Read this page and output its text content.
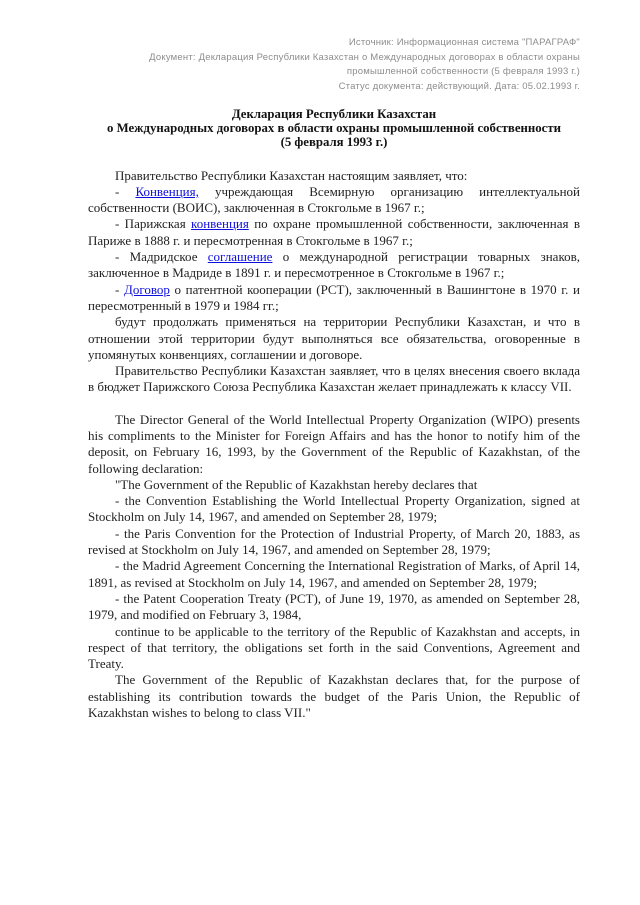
Источник: Информационная система "ПАРАГРАФ"
Документ: Декларация Республики Казахстан о Международных договорах в области охраны промышленной собственности (5 февраля 1993 г.)
Статус документа: действующий. Дата: 05.02.1993 г.
Декларация Республики Казахстан
о Международных договорах в области охраны промышленной собственности
(5 февраля 1993 г.)

Правительство Республики Казахстан настоящим заявляет, что:

- Конвенция, учреждающая Всемирную организацию интеллектуальной собственности (ВОИС), заключенная в Стокгольме в 1967 г.;

- Парижская конвенция по охране промышленной собственности, заключенная в Париже в 1888 г. и пересмотренная в Стокгольме в 1967 г.;

- Мадридское соглашение о международной регистрации товарных знаков, заключенное в Мадриде в 1891 г. и пересмотренное в Стокгольме в 1967 г.;

- Договор о патентной кооперации (PCT), заключенный в Вашингтоне в 1970 г. и пересмотренный в 1979 и 1984 гг.;

будут продолжать применяться на территории Республики Казахстан, и что в отношении этой территории будут выполняться все обязательства, оговоренные в упомянутых конвенциях, соглашении и договоре.

Правительство Республики Казахстан заявляет, что в целях внесения своего вклада в бюджет Парижского Союза Республика Казахстан желает принадлежать к классу VII.

The Director General of the World Intellectual Property Organization (WIPO) presents his compliments to the Minister for Foreign Affairs and has the honor to notify him of the deposit, on February 16, 1993, by the Government of the Republic of Kazakhstan, of the following declaration:

"The Government of the Republic of Kazakhstan hereby declares that

- the Convention Establishing the World Intellectual Property Organization, signed at Stockholm on July 14, 1967, and amended on September 28, 1979;

- the Paris Convention for the Protection of Industrial Property, of March 20, 1883, as revised at Stockholm on July 14, 1967, and amended on September 28, 1979;

- the Madrid Agreement Concerning the International Registration of Marks, of April 14, 1891, as revised at Stockholm on July 14, 1967, and amended on September 28, 1979;

- the Patent Cooperation Treaty (PCT), of June 19, 1970, as amended on September 28, 1979, and modified on February 3, 1984,

continue to be applicable to the territory of the Republic of Kazakhstan and accepts, in respect of that territory, the obligations set forth in the said Conventions, Agreement and Treaty.

The Government of the Republic of Kazakhstan declares that, for the purpose of establishing its contribution towards the budget of the Paris Union, the Republic of Kazakhstan wishes to belong to class VII."
